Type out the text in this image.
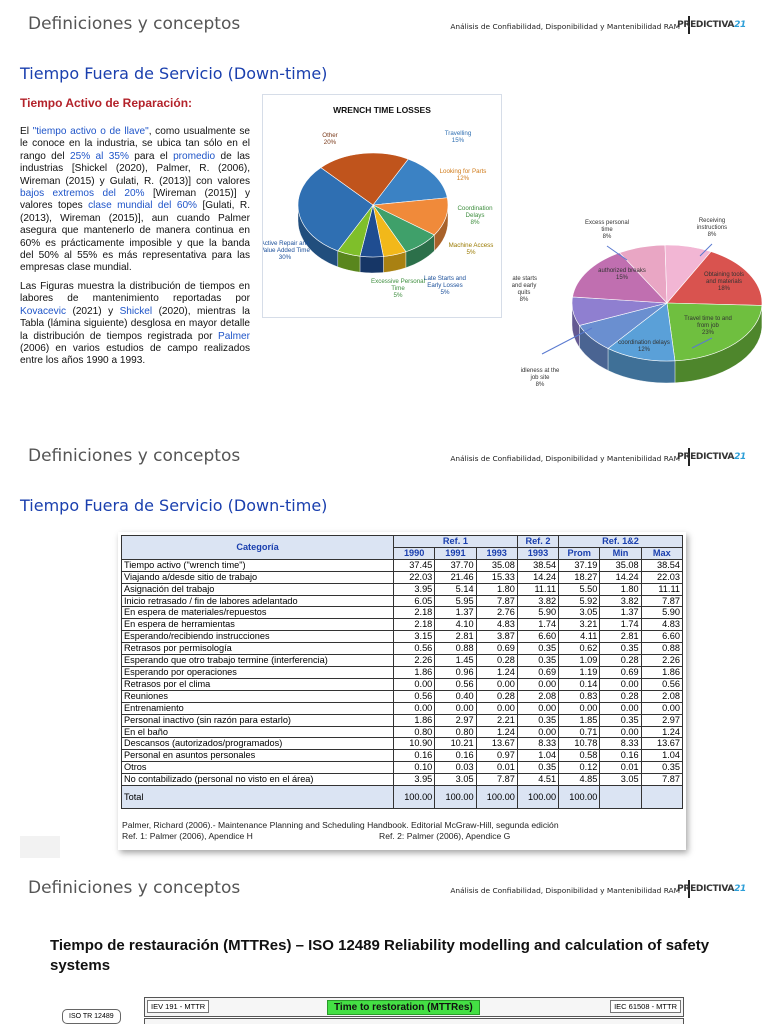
Definiciones y conceptos	Análisis de Confiabilidad, Disponibilidad y Mantenibilidad RAM
PREDICTIVA21
Tiempo Fuera de Servicio (Down-time)
Tiempo Activo de Reparación:

El "tiempo activo o de llave", como usualmente se le conoce en la industria, se ubica tan sólo en el rango del 25% al 35% para el promedio de las industrias [Shickel (2020), Palmer, R. (2006), Wireman (2015) y Gulati, R. (2013)] con valores bajos extremos del 20% [Wireman (2015)] y valores topes clase mundial del 60% [Gulati, R. (2013), Wireman (2015)], aun cuando Palmer asegura que mantenerlo de manera continua en 60% es prácticamente imposible y que la banda del 50% al 55% es más representativa para las empresas clase mundial.

Las Figuras muestra la distribución de tiempos en labores de mantenimiento reportadas por Kovacevic (2021) y Shickel (2020), mientras la Tabla (lámina siguiente) desglosa en mayor detalle la distribución de tiempos registrada por Palmer (2006) en varios estudios de campo realizados entre los años 1990 a 1993.

WRENCH TIME LOSSES
Travelling 15%
Looking for Parts 12%
Coordination Delays 8%
Machine Access 5%
Late Starts and Early Losses 5%
Excessive Personal Time 5%
Active Repair and Value Added Time 30%
Other 20%
Excess personal time 8%
Receiving instructions 8%
Obtaining tools and materials 18%
Travel time to and from job 23%
coordination delays 12%
idleness at the job site 8%
late starts and early quits 8%
authorized breaks 15%
Definiciones y conceptos	Análisis de Confiabilidad, Disponibilidad y Mantenibilidad RAM
PREDICTIVA21
Tiempo Fuera de Servicio (Down-time)
Categoría	Ref. 1			Ref. 2	Ref. 1&2		
	1990	1991	1993	1993	Prom	Min	Max
Tiempo activo ("wrench time")	37.45	37.70	35.08	38.54	37.19	35.08	38.54
Viajando a/desde sitio de trabajo	22.03	21.46	15.33	14.24	18.27	14.24	22.03
Asignación del trabajo	3.95	5.14	1.80	11.11	5.50	1.80	11.11
Inicio retrasado / fin de labores adelantado	6.05	5.95	7.87	3.82	5.92	3.82	7.87
En espera de materiales/repuestos	2.18	1.37	2.76	5.90	3.05	1.37	5.90
En espera de herramientas	2.18	4.10	4.83	1.74	3.21	1.74	4.83
Esperando/recibiendo instrucciones	3.15	2.81	3.87	6.60	4.11	2.81	6.60
Retrasos por permisología	0.56	0.88	0.69	0.35	0.62	0.35	0.88
Esperando que otro trabajo termine (interferencia)	2.26	1.45	0.28	0.35	1.09	0.28	2.26
Esperando por operaciones	1.86	0.96	1.24	0.69	1.19	0.69	1.86
Retrasos por el clima	0.00	0.56	0.00	0.00	0.14	0.00	0.56
Reuniones	0.56	0.40	0.28	2.08	0.83	0.28	2.08
Entrenamiento	0.00	0.00	0.00	0.00	0.00	0.00	0.00
Personal inactivo (sin razón para estarlo)	1.86	2.97	2.21	0.35	1.85	0.35	2.97
En el baño	0.80	0.80	1.24	0.00	0.71	0.00	1.24
Descansos (autorizados/programados)	10.90	10.21	13.67	8.33	10.78	8.33	13.67
Personal en asuntos personales	0.16	0.16	0.97	1.04	0.58	0.16	1.04
Otros	0.10	0.03	0.01	0.35	0.12	0.01	0.35
No contabilizado (personal no visto en el área)	3.95	3.05	7.87	4.51	4.85	3.05	7.87
Total	100.00	100.00	100.00	100.00	100.00		
Palmer, Richard (2006).- Maintenance Planning and Scheduling Handbook. Editorial McGraw-Hill, segunda edición
Ref. 1: Palmer (2006), Apendice H	Ref. 2: Palmer (2006), Apendice G
Definiciones y conceptos	Análisis de Confiabilidad, Disponibilidad y Mantenibilidad RAM
PREDICTIVA21
Tiempo de restauración (MTTRes) – ISO 12489 Reliability modelling and calculation of safety systems
ISO TR 12489
IEV 191 - MTTR	Time to restoration (MTTRes)	IEC 61508 - MTTR
